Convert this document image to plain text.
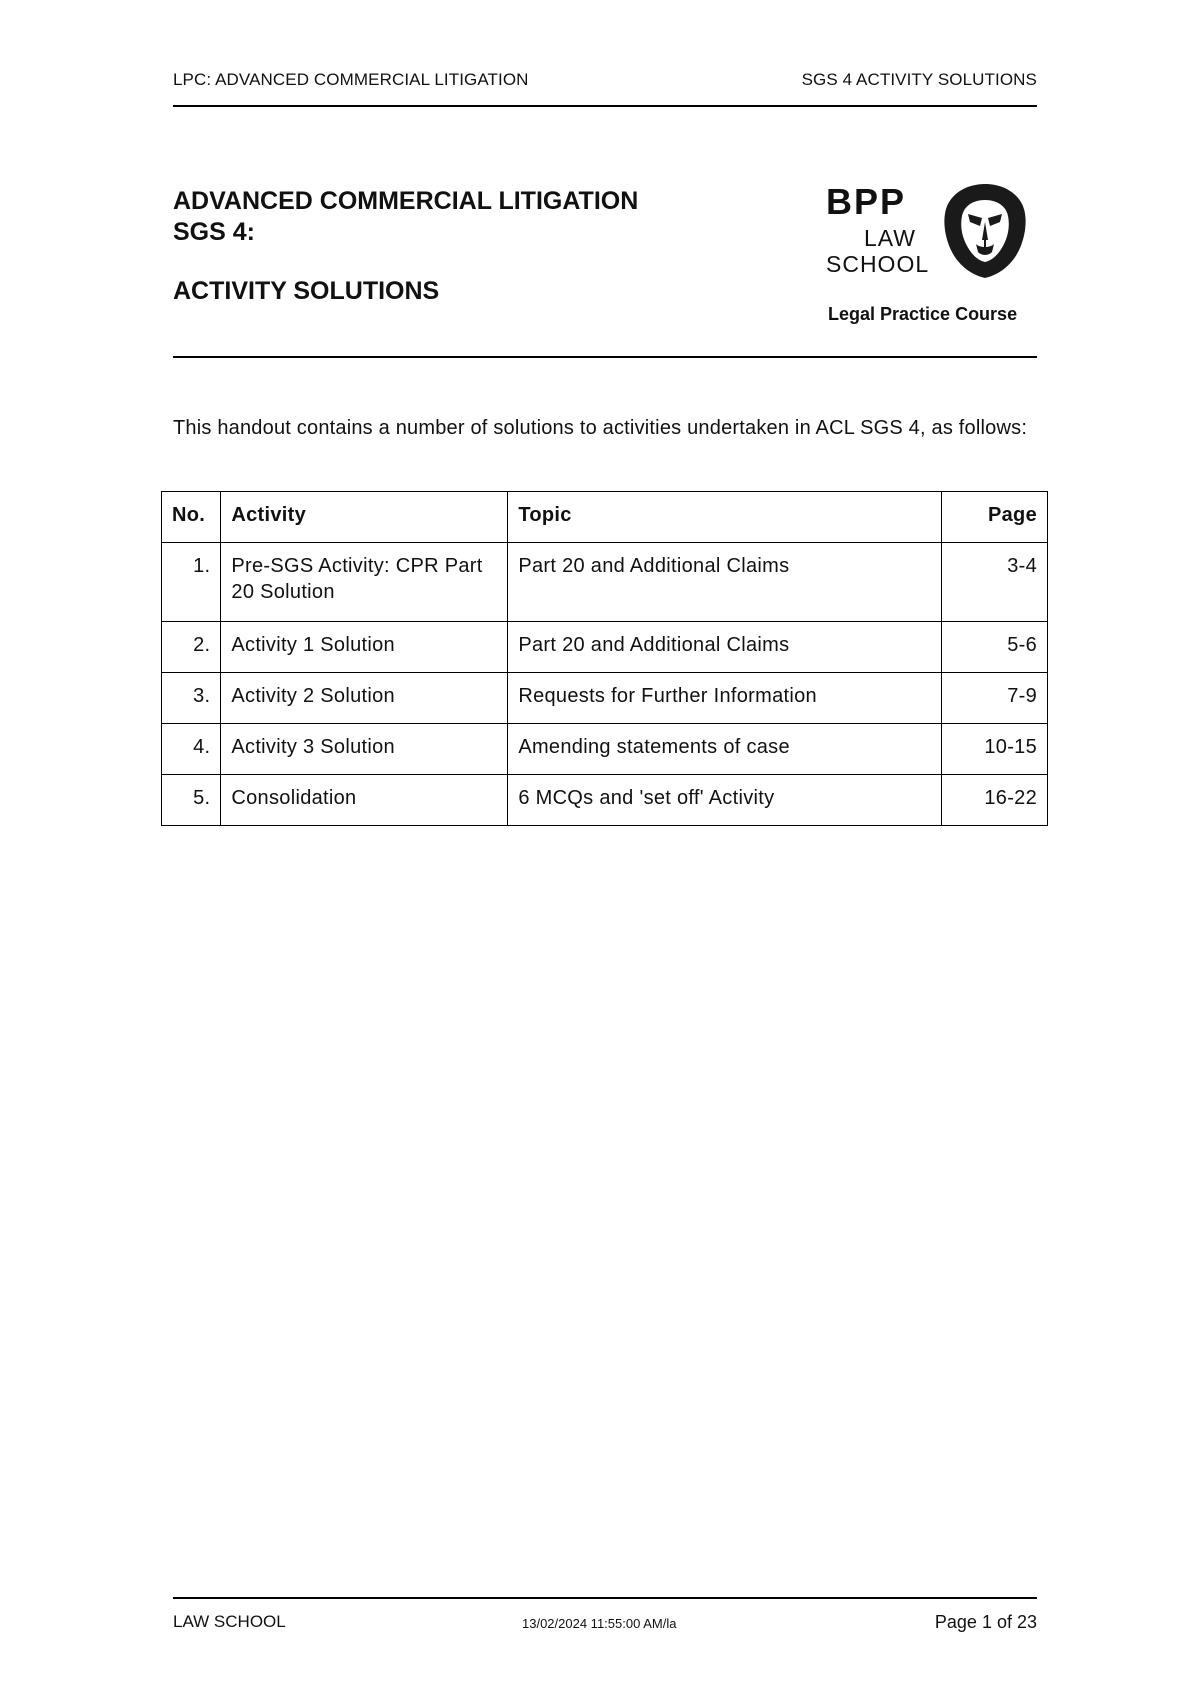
LPC: ADVANCED COMMERCIAL LITIGATION	SGS 4 ACTIVITY SOLUTIONS
ADVANCED COMMERCIAL LITIGATION
SGS 4:
ACTIVITY SOLUTIONS
BPP
LAW
SCHOOL
Legal Practice Course
This handout contains a number of solutions to activities undertaken in ACL SGS 4, as follows:
No.	Activity	Topic	Page
1.	Pre-SGS Activity: CPR Part 20 Solution	Part 20 and Additional Claims	3-4
2.	Activity 1 Solution	Part 20 and Additional Claims	5-6
3.	Activity 2 Solution	Requests for Further Information	7-9
4.	Activity 3 Solution	Amending statements of case	10-15
5.	Consolidation	6 MCQs and 'set off' Activity	16-22
LAW SCHOOL	13/02/2024 11:55:00 AM/la	Page 1 of 23
